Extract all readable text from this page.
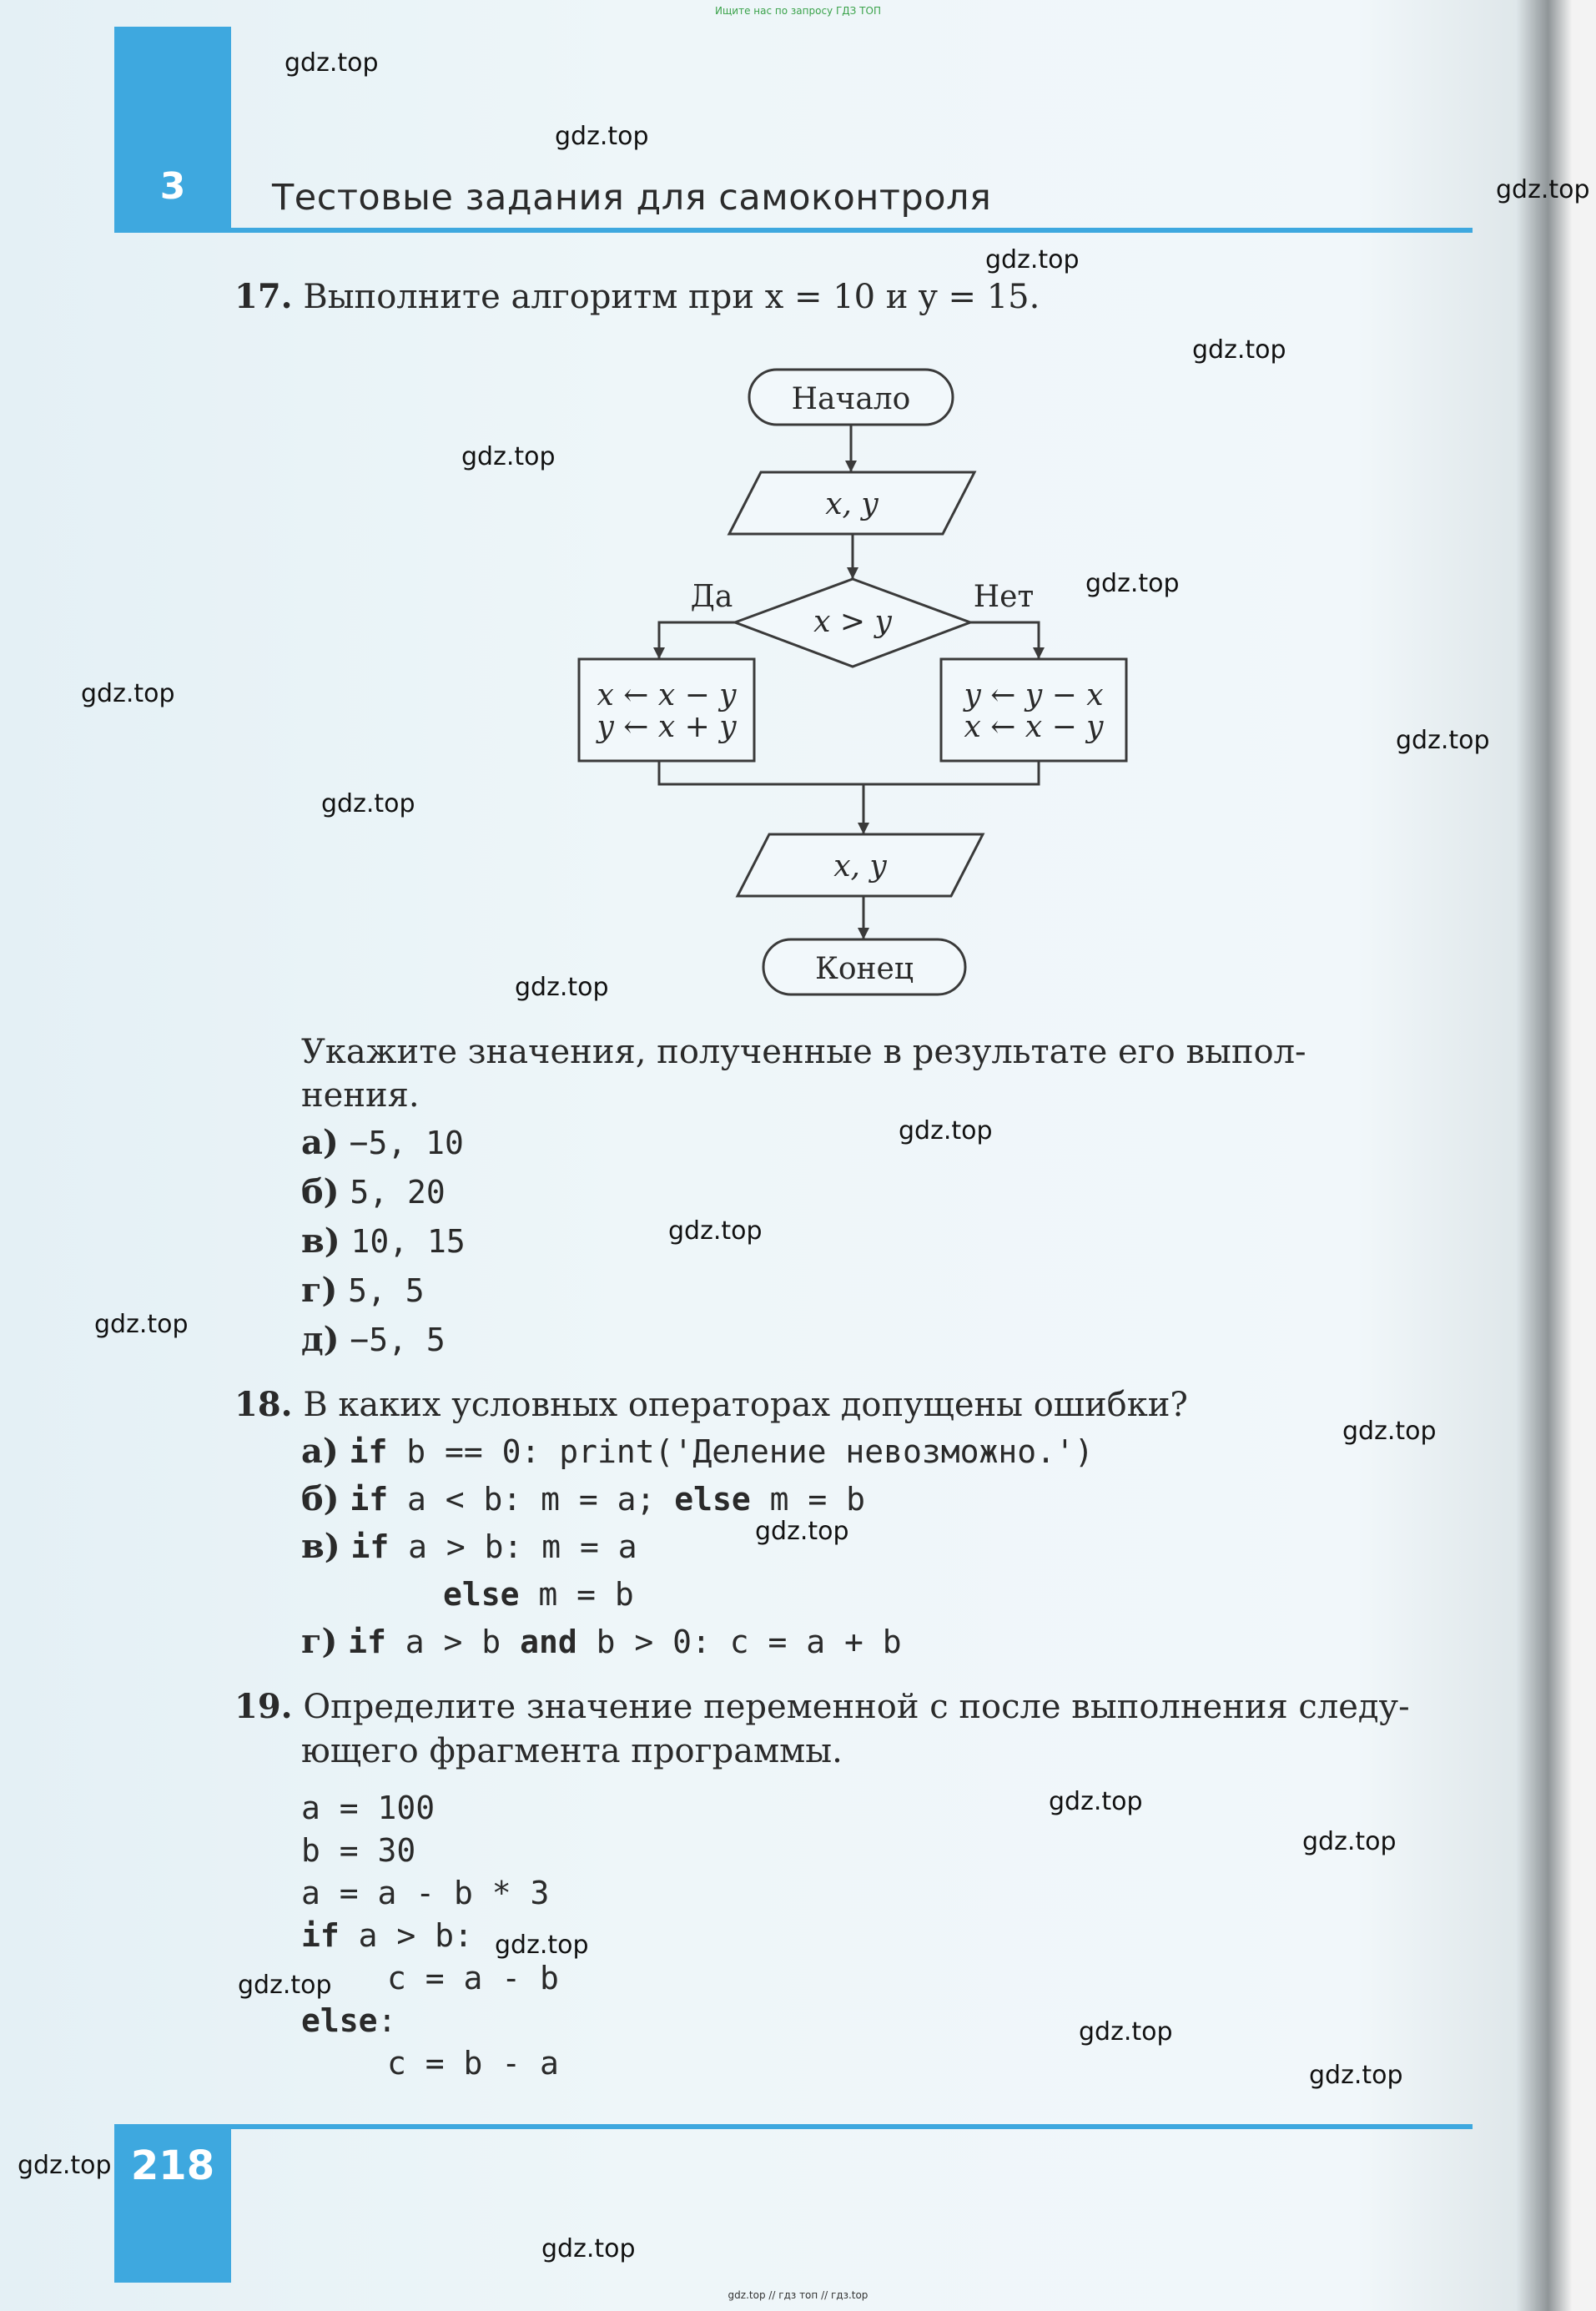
Ищите нас по запросу ГДЗ ТОП
3	Тестовые задания для самоконтроля
17. Выполните алгоритм при x = 10 и y = 15.
Начало
x, y
x > y
Да	Нет
x ← x − y
y ← x + y
y ← y − x
x ← x − y
x, y
Конец
Укажите значения, полученные в результате его выпол-
нения.
а) −5, 10
б) 5, 20
в) 10, 15
г) 5, 5
д) −5, 5
18. В каких условных операторах допущены ошибки?
а) if b == 0: print('Деление невозможно.')
б) if a < b: m = a; else m = b
в) if a > b: m = a
else m = b
г) if a > b and b > 0: c = a + b
19. Определите значение переменной c после выполнения следу-
ющего фрагмента программы.
a = 100
b = 30
a = a - b * 3
if a > b:
c = a - b
else:
c = b - a
218
gdz.top
gdz.top
gdz.top
gdz.top
gdz.top
gdz.top
gdz.top
gdz.top
gdz.top
gdz.top
gdz.top
gdz.top
gdz.top
gdz.top
gdz.top
gdz.top
gdz.top
gdz.top
gdz.top
gdz.top
gdz.top
gdz.top
gdz.top
gdz.top
gdz.top // гдз топ // гдз.top
